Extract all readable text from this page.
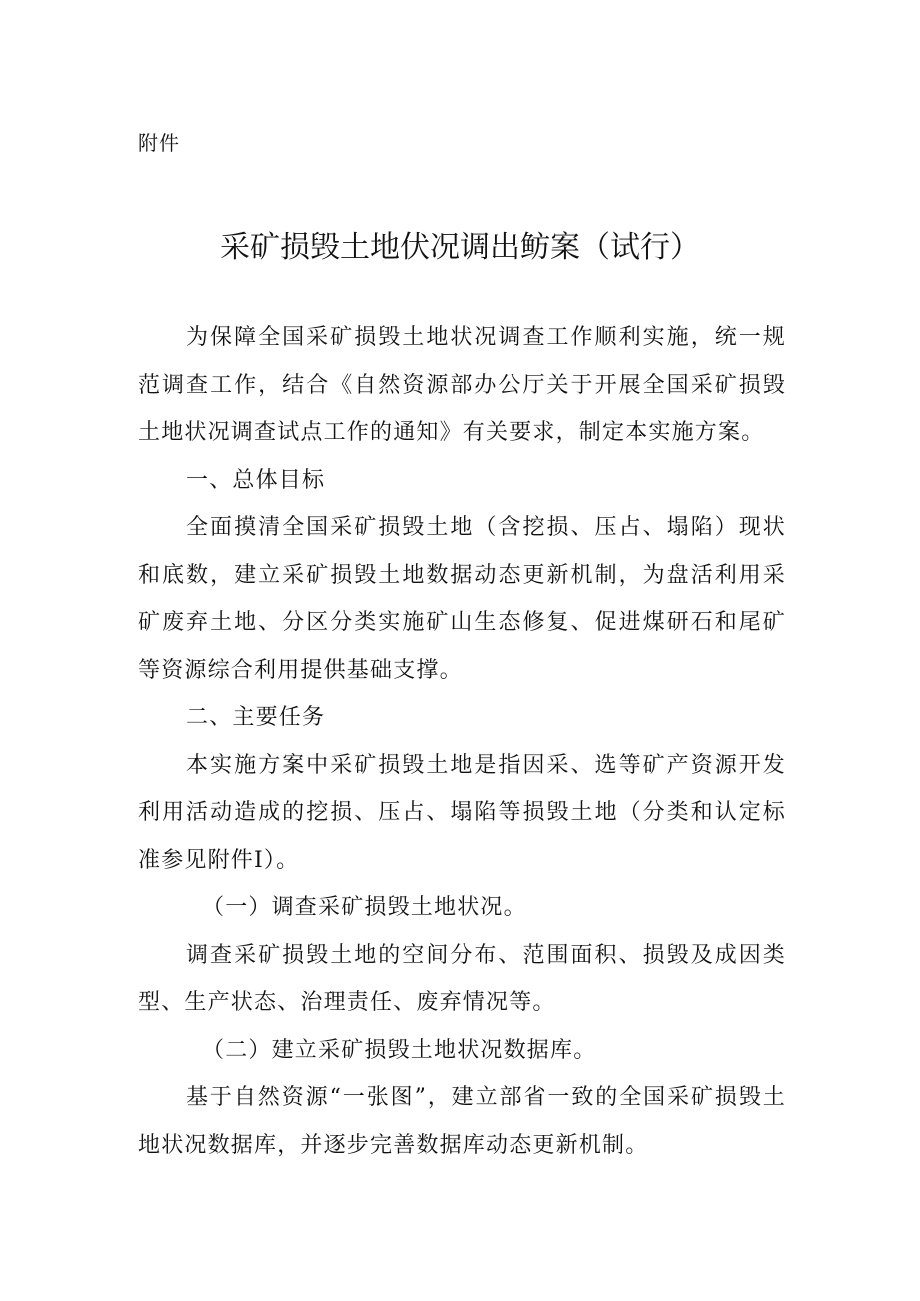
附件
采矿损毁土地伏况调出鲂案（试行）

为保障全国采矿损毁土地状况调查工作顺利实施，统一规范调查工作，结合《自然资源部办公厅关于开展全国采矿损毁土地状况调查试点工作的通知》有关要求，制定本实施方案。

一、总体目标

全面摸清全国采矿损毁土地（含挖损、压占、塌陷）现状和底数，建立采矿损毁土地数据动态更新机制，为盘活利用采矿废弃土地、分区分类实施矿山生态修复、促进煤研石和尾矿等资源综合利用提供基础支撑。

二、主要任务

本实施方案中采矿损毁土地是指因采、选等矿产资源开发利用活动造成的挖损、压占、塌陷等损毁土地（分类和认定标准参见附件I）。

（一）调查采矿损毁土地状况。

调查采矿损毁土地的空间分布、范围面积、损毁及成因类型、生产状态、治理责任、废弃情况等。

（二）建立采矿损毁土地状况数据库。

基于自然资源“一张图”，建立部省一致的全国采矿损毁土地状况数据库，并逐步完善数据库动态更新机制。
